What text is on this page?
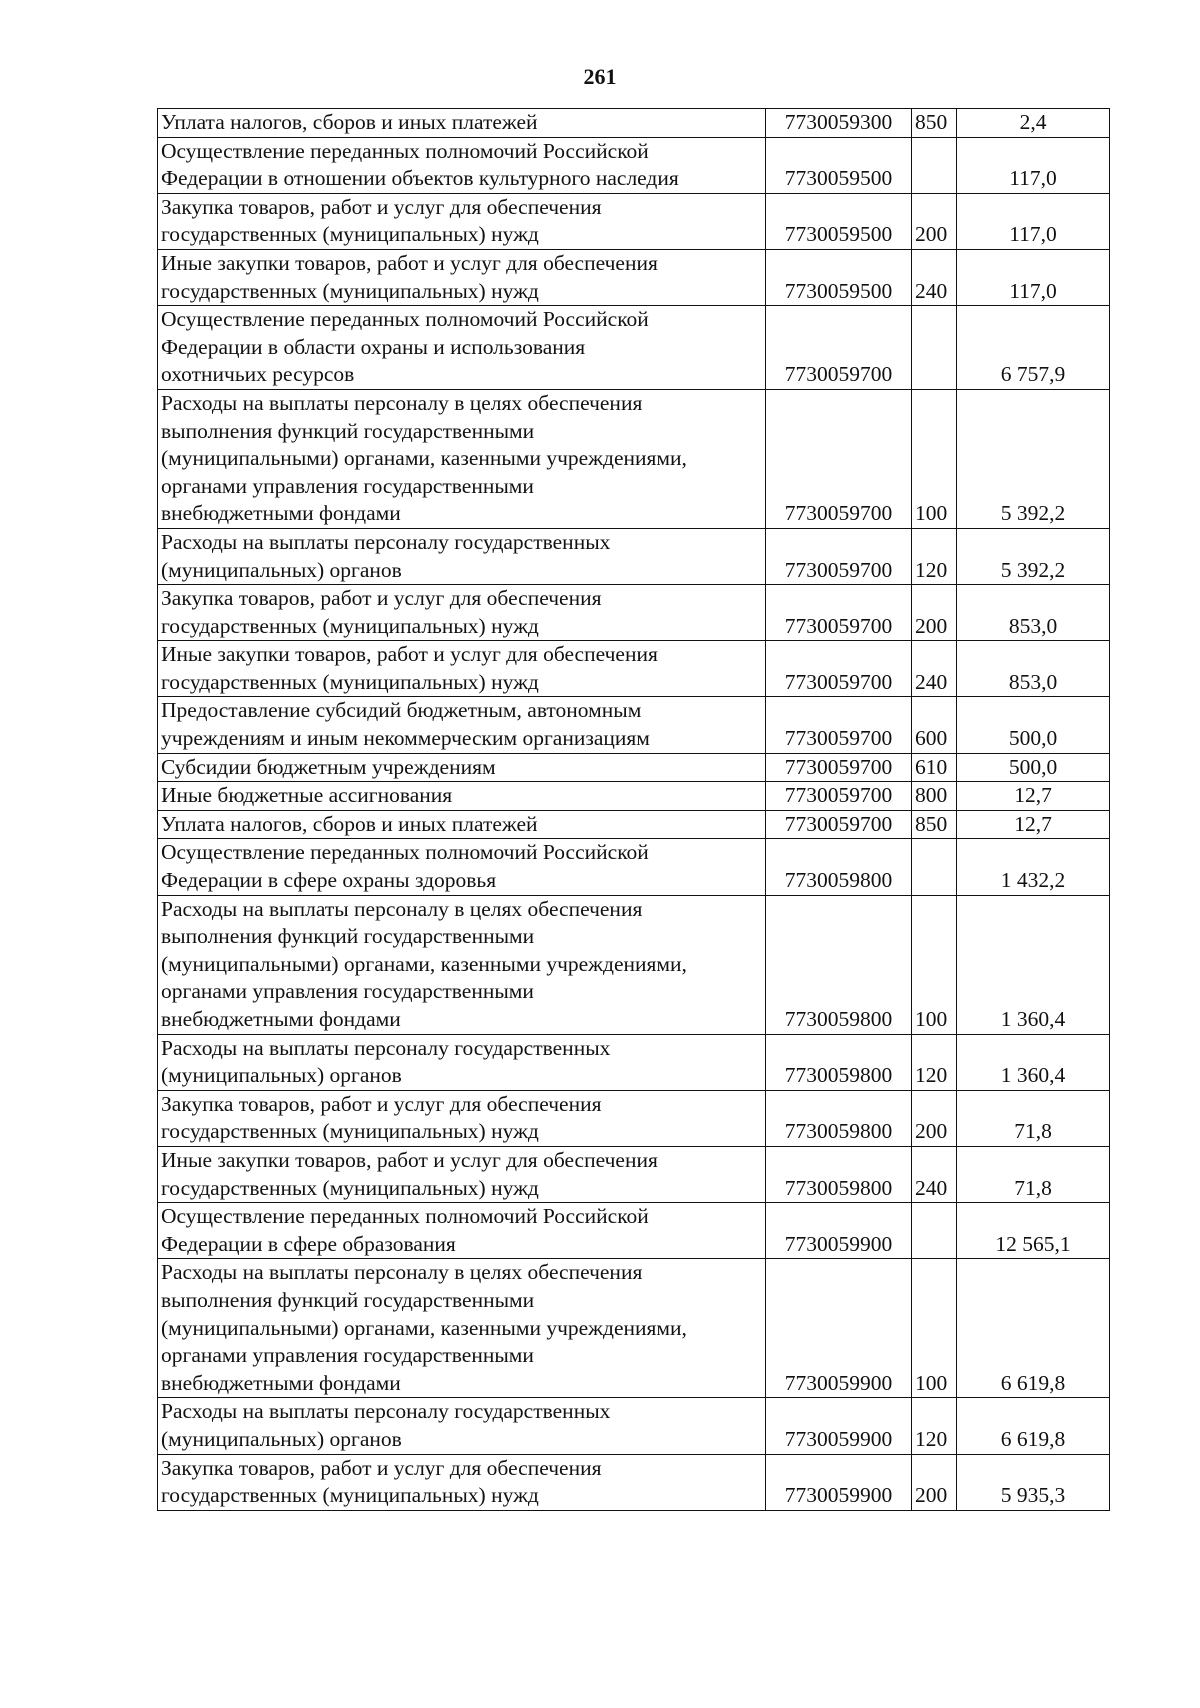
261
Уплата налогов, сборов и иных платежей	7730059300	850	2,4
Осуществление переданных полномочий Российской
Федерации в отношении объектов культурного наследия	7730059500		117,0
Закупка товаров, работ и услуг для обеспечения
государственных (муниципальных) нужд	7730059500	200	117,0
Иные закупки товаров, работ и услуг для обеспечения
государственных (муниципальных) нужд	7730059500	240	117,0
Осуществление переданных полномочий Российской
Федерации в области охраны и использования
охотничьих ресурсов	7730059700		6 757,9
Расходы на выплаты персоналу в целях обеспечения
выполнения функций государственными
(муниципальными) органами, казенными учреждениями,
органами управления государственными
внебюджетными фондами	7730059700	100	5 392,2
Расходы на выплаты персоналу государственных
(муниципальных) органов	7730059700	120	5 392,2
Закупка товаров, работ и услуг для обеспечения
государственных (муниципальных) нужд	7730059700	200	853,0
Иные закупки товаров, работ и услуг для обеспечения
государственных (муниципальных) нужд	7730059700	240	853,0
Предоставление субсидий бюджетным, автономным
учреждениям и иным некоммерческим организациям	7730059700	600	500,0
Субсидии бюджетным учреждениям	7730059700	610	500,0
Иные бюджетные ассигнования	7730059700	800	12,7
Уплата налогов, сборов и иных платежей	7730059700	850	12,7
Осуществление переданных полномочий Российской
Федерации в сфере охраны здоровья	7730059800		1 432,2
Расходы на выплаты персоналу в целях обеспечения
выполнения функций государственными
(муниципальными) органами, казенными учреждениями,
органами управления государственными
внебюджетными фондами	7730059800	100	1 360,4
Расходы на выплаты персоналу государственных
(муниципальных) органов	7730059800	120	1 360,4
Закупка товаров, работ и услуг для обеспечения
государственных (муниципальных) нужд	7730059800	200	71,8
Иные закупки товаров, работ и услуг для обеспечения
государственных (муниципальных) нужд	7730059800	240	71,8
Осуществление переданных полномочий Российской
Федерации в сфере образования	7730059900		12 565,1
Расходы на выплаты персоналу в целях обеспечения
выполнения функций государственными
(муниципальными) органами, казенными учреждениями,
органами управления государственными
внебюджетными фондами	7730059900	100	6 619,8
Расходы на выплаты персоналу государственных
(муниципальных) органов	7730059900	120	6 619,8
Закупка товаров, работ и услуг для обеспечения
государственных (муниципальных) нужд	7730059900	200	5 935,3
